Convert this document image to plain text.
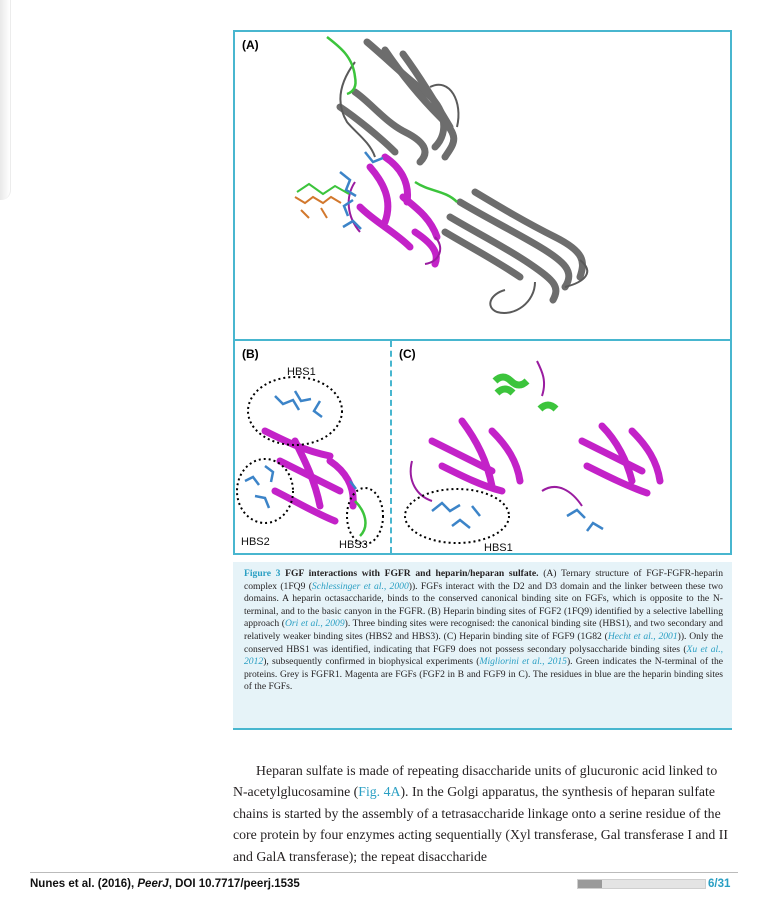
(A)
(B)
HBS1
HBS2	HBS3
(C)
HBS1
Figure 3 FGF interactions with FGFR and heparin/heparan sulfate. (A) Ternary structure of FGF-FGFR-heparin complex (1FQ9 (Schlessinger et al., 2000)). FGFs interact with the D2 and D3 domain and the linker between these two domains. A heparin octasaccharide, binds to the conserved canonical binding site on FGFs, which is opposite to the N-terminal, and to the basic canyon in the FGFR. (B) Heparin binding sites of FGF2 (1FQ9) identified by a selective labelling approach (Ori et al., 2009). Three binding sites were recognised: the canonical binding site (HBS1), and two secondary and relatively weaker binding sites (HBS2 and HBS3). (C) Heparin binding site of FGF9 (1G82 (Hecht et al., 2001)). Only the conserved HBS1 was identified, indicating that FGF9 does not possess secondary polysaccharide binding sites (Xu et al., 2012), subsequently confirmed in biophysical experiments (Migliorini et al., 2015). Green indicates the N-terminal of the proteins. Grey is FGFR1. Magenta are FGFs (FGF2 in B and FGF9 in C). The residues in blue are the heparin binding sites of the FGFs.

Heparan sulfate is made of repeating disaccharide units of glucuronic acid linked to N-acetylglucosamine (Fig. 4A). In the Golgi apparatus, the synthesis of heparan sulfate chains is started by the assembly of a tetrasaccharide linkage onto a serine residue of the core protein by four enzymes acting sequentially (Xyl transferase, Gal transferase I and II and GalA transferase); the repeat disaccharide

Nunes et al. (2016), PeerJ, DOI 10.7717/peerj.1535	6/31
